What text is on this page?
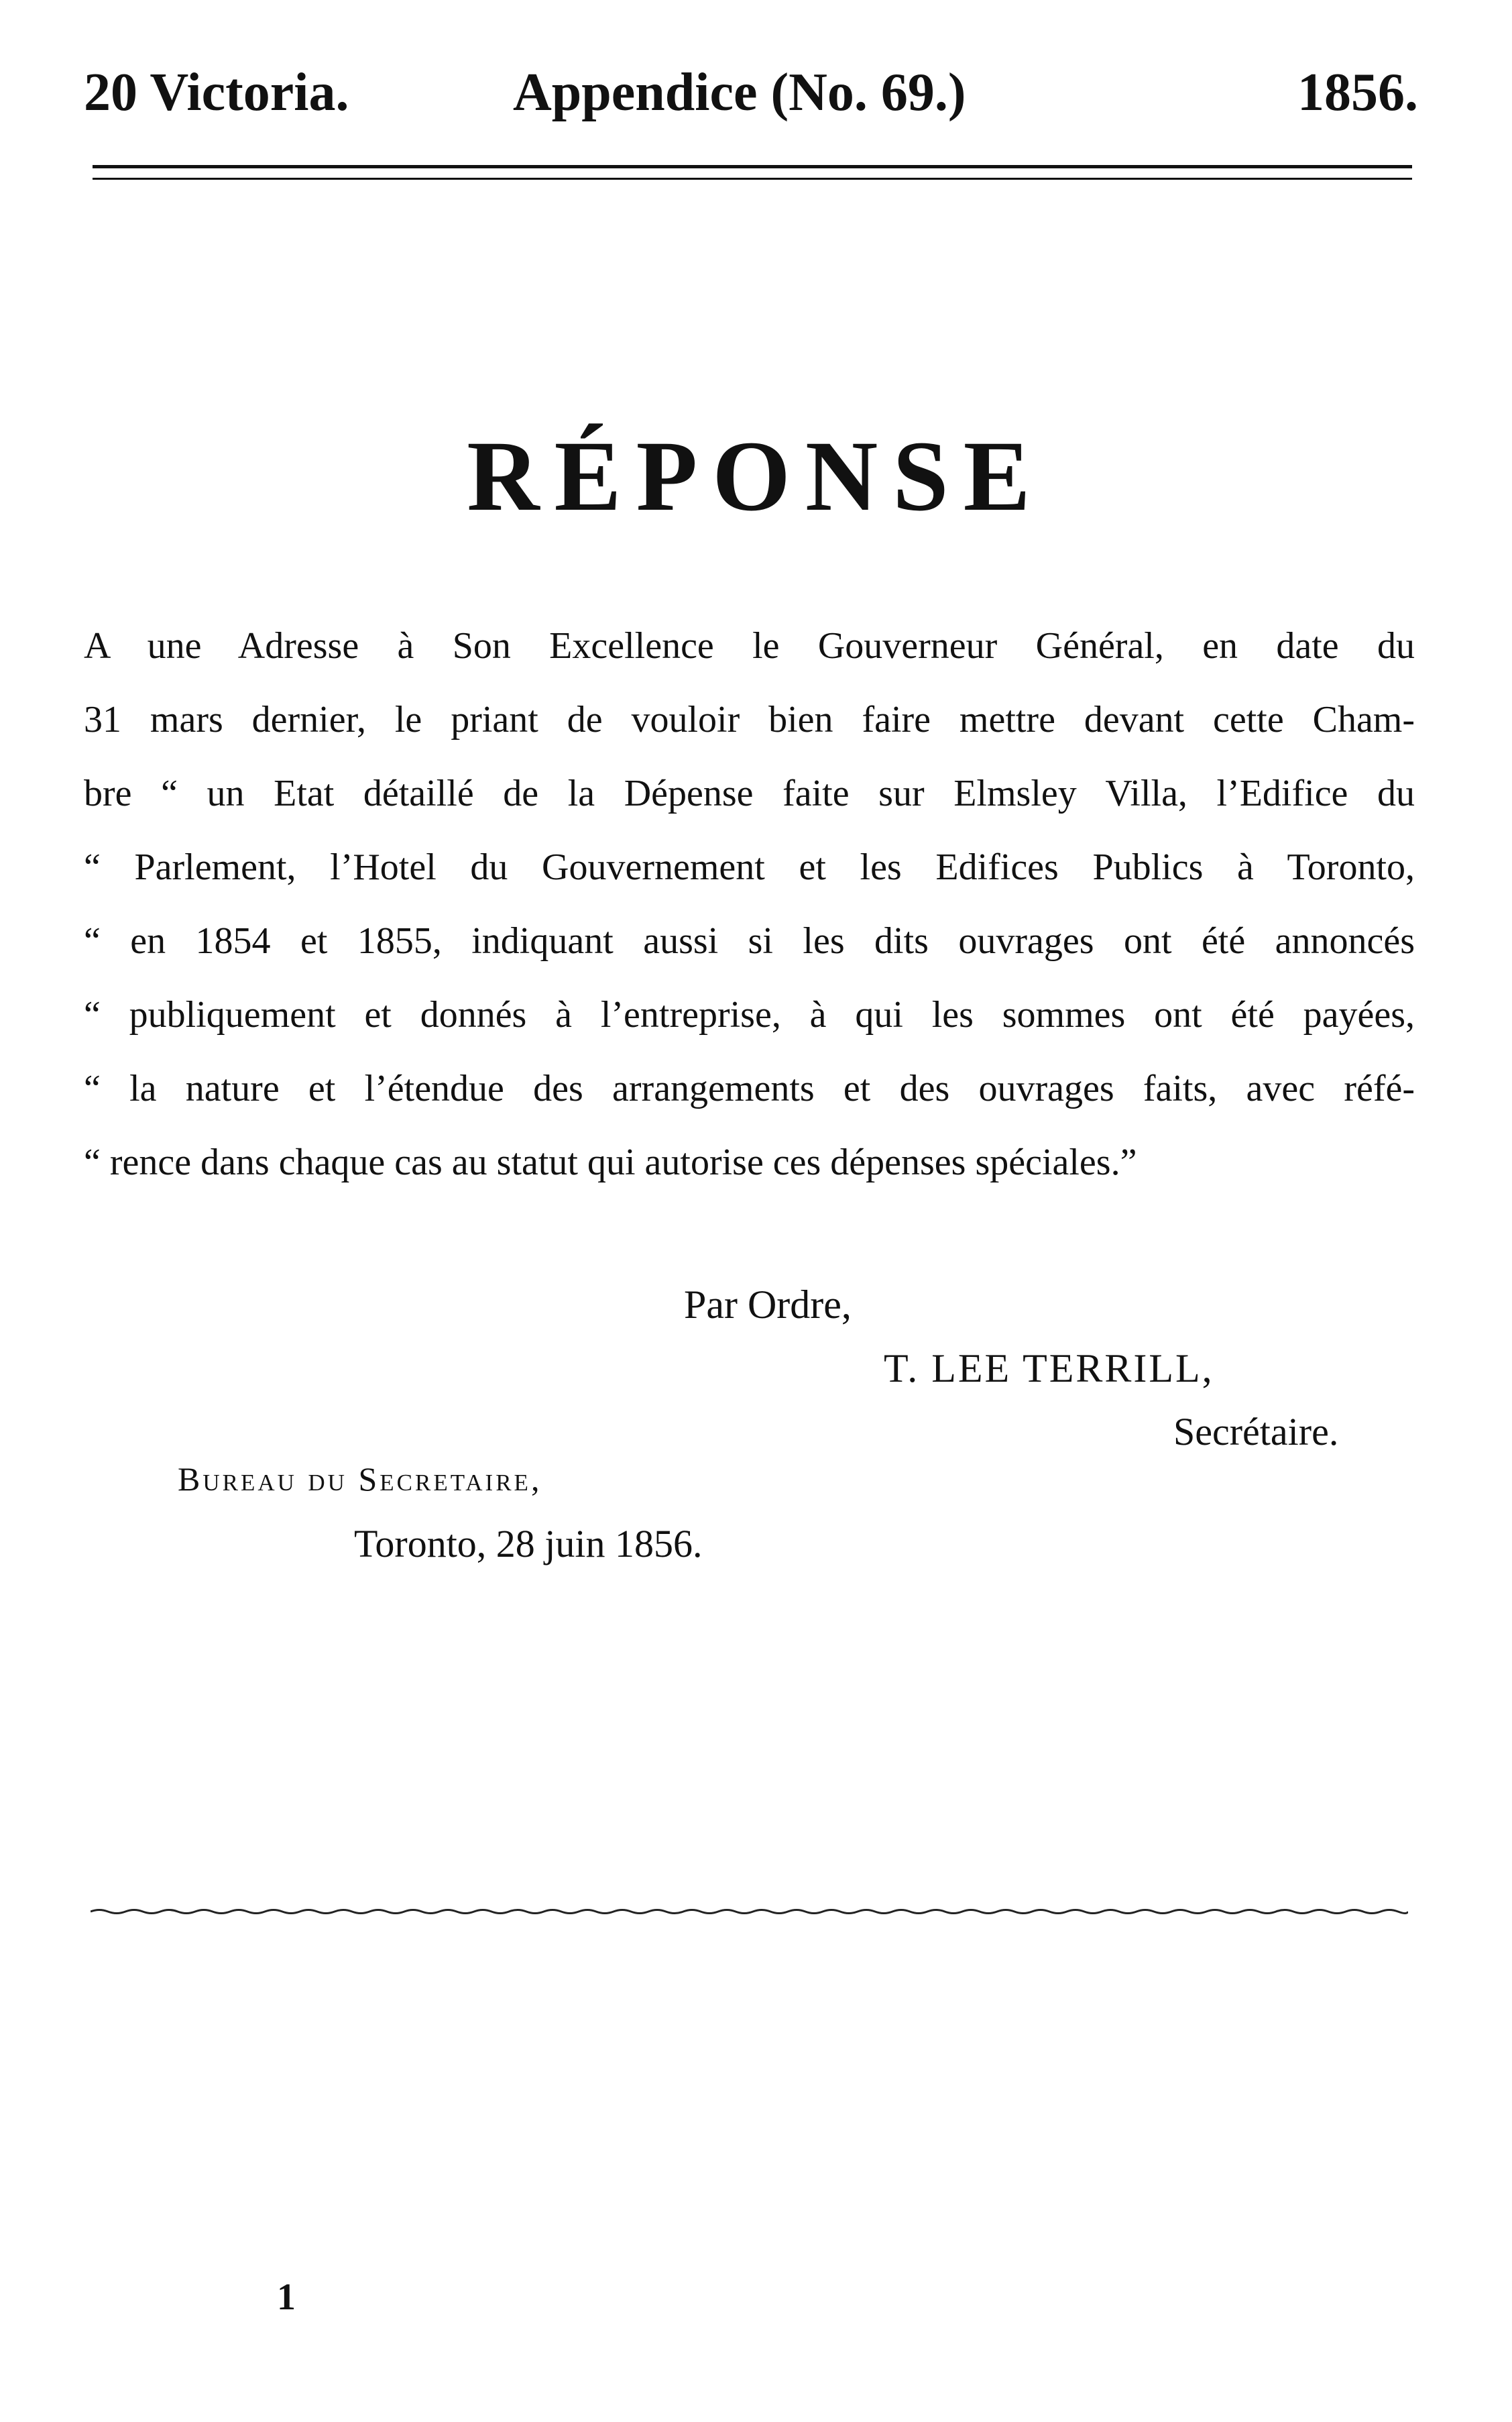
20 Victoria.	Appendice (No. 69.)	1856.
RÉPONSE
A une Adresse à Son Excellence le Gouverneur Général, en date du
31 mars dernier, le priant de vouloir bien faire mettre devant cette Cham-
bre “ un Etat détaillé de la Dépense faite sur Elmsley Villa, l’Edifice du
“ Parlement, l’Hotel du Gouvernement et les Edifices Publics à Toronto,
“ en 1854 et 1855, indiquant aussi si les dits ouvrages ont été annoncés
“ publiquement et donnés à l’entreprise, à qui les sommes ont été payées,
“ la nature et l’étendue des arrangements et des ouvrages faits, avec réfé-
“ rence dans chaque cas au statut qui autorise ces dépenses spéciales.”
Par Ordre,
T. LEE TERRILL,
Secrétaire.
Bureau du Secretaire,
Toronto, 28 juin 1856.
1
